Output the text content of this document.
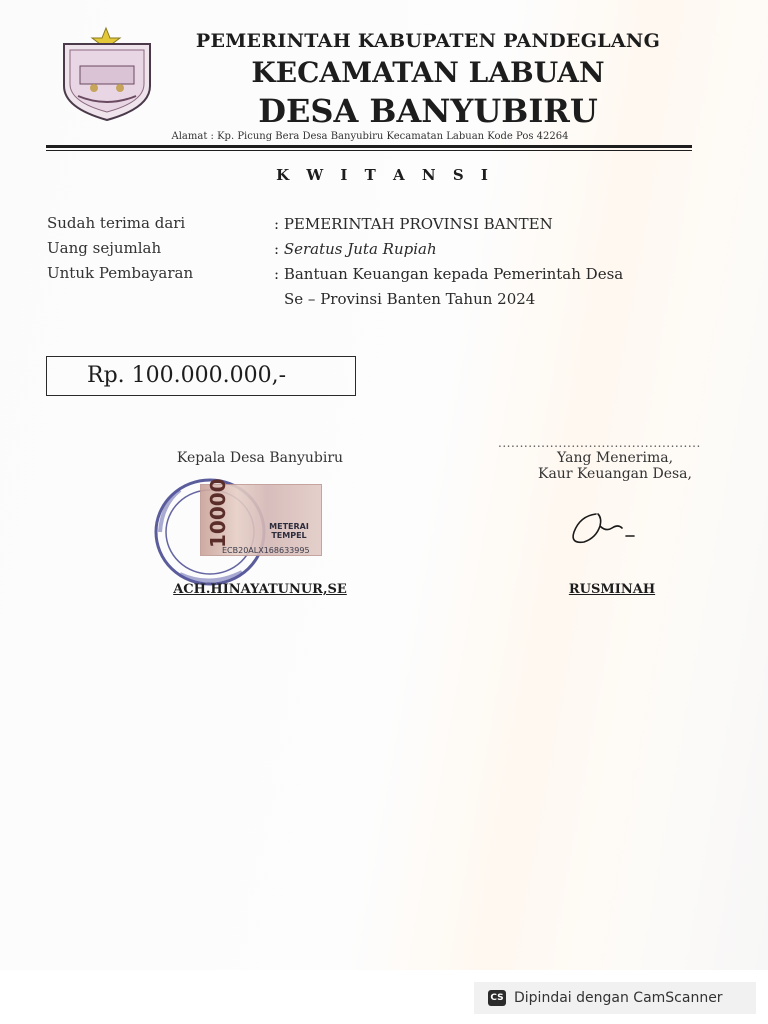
PEMERINTAH KABUPATEN PANDEGLANG
KECAMATAN LABUAN
DESA BANYUBIRU
Alamat : Kp. Picung Bera Desa Banyubiru Kecamatan Labuan Kode Pos 42264
K W I T A N S I
Sudah terima dari	: PEMERINTAH PROVINSI BANTEN
Uang sejumlah	: Seratus Juta Rupiah
Untuk Pembayaran	: Bantuan Keuangan kepada Pemerintah Desa
Se – Provinsi Banten Tahun 2024
Rp. 100.000.000,-
Kepala Desa Banyubiru
...............................................
Yang Menerima,
Kaur Keuangan Desa,
10000	METERAI
TEMPEL
ECB20ALX168633995
ACH.HINAYATUNUR,SE	RUSMINAH
CS Dipindai dengan CamScanner
